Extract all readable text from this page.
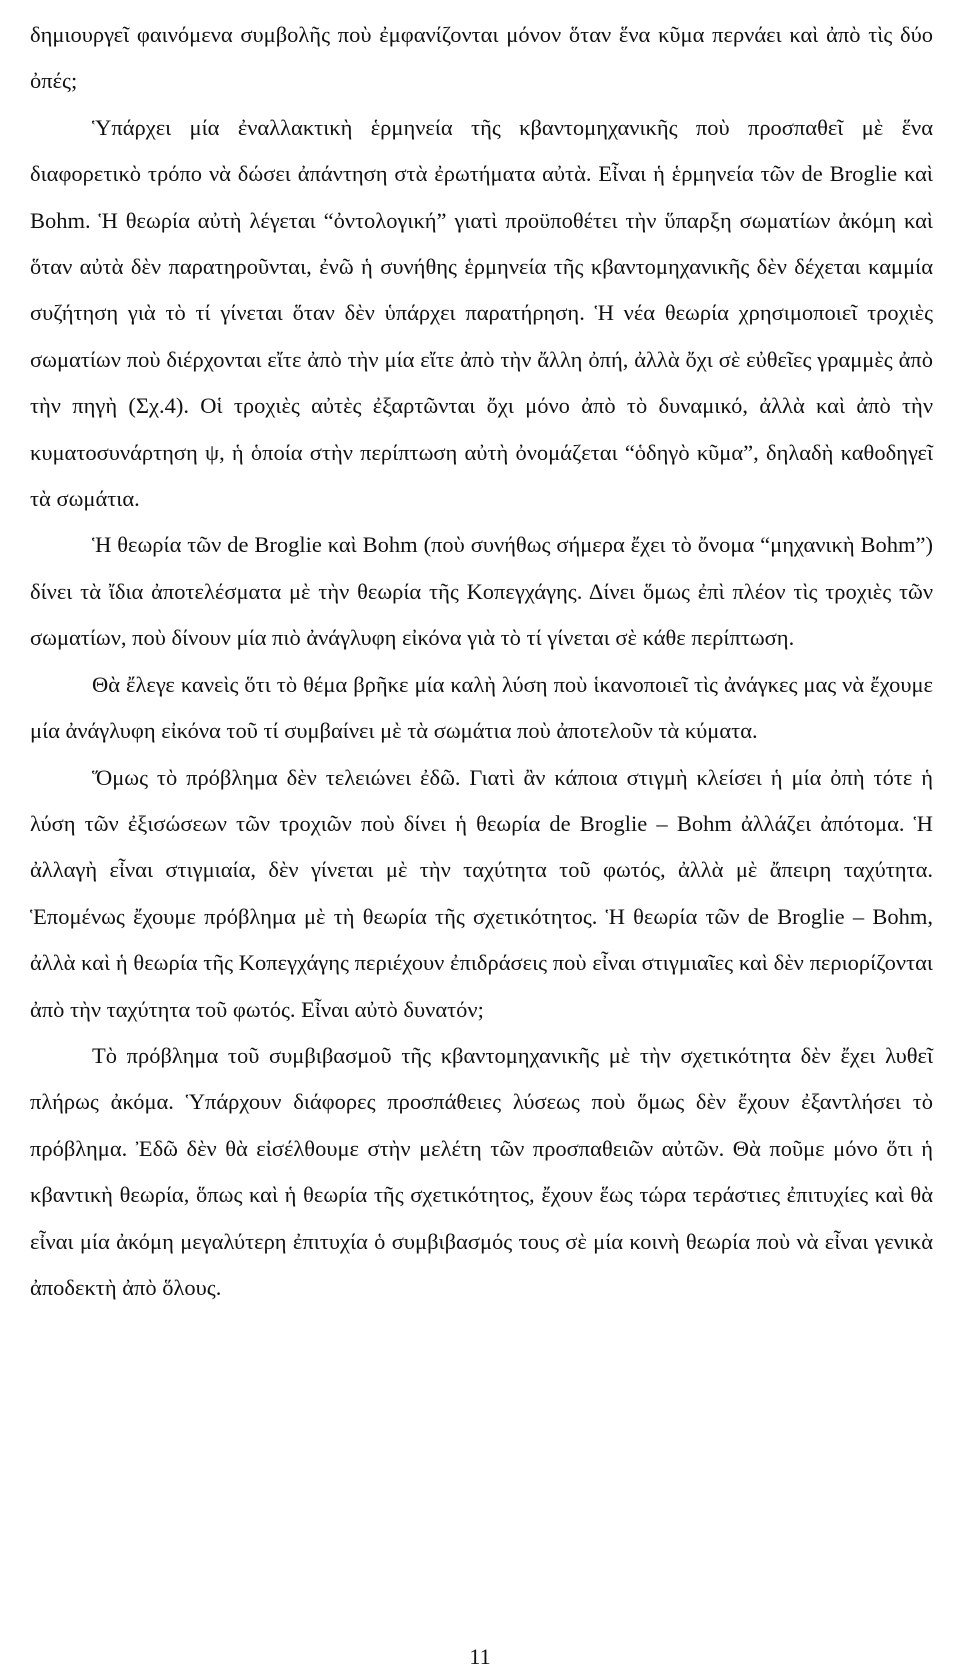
δημιουργεῖ φαινόμενα συμβολῆς ποὺ ἐμφανίζονται μόνον ὅταν ἕνα κῦμα περνάει καὶ ἀπὸ τὶς δύο ὀπές;

Ὑπάρχει μία ἐναλλακτικὴ ἑρμηνεία τῆς κβαντομηχανικῆς ποὺ προσπαθεῖ μὲ ἕνα διαφορετικὸ τρόπο νὰ δώσει ἀπάντηση στὰ ἐρωτήματα αὐτὰ. Εἶναι ἡ ἑρμηνεία τῶν de Broglie καὶ Bohm. Ἡ θεωρία αὐτὴ λέγεται “ὀντολογική” γιατὶ προϋποθέτει τὴν ὕπαρξη σωματίων ἀκόμη καὶ ὅταν αὐτὰ δὲν παρατηροῦνται, ἐνῶ ἡ συνήθης ἑρμηνεία τῆς κβαντομηχανικῆς δὲν δέχεται καμμία συζήτηση γιὰ τὸ τί γίνεται ὅταν δὲν ὑπάρχει παρατήρηση. Ἡ νέα θεωρία χρησιμοποιεῖ τροχιὲς σωματίων ποὺ διέρχονται εἴτε ἀπὸ τὴν μία εἴτε ἀπὸ τὴν ἄλλη ὀπή, ἀλλὰ ὄχι σὲ εὐθεῖες γραμμὲς ἀπὸ τὴν πηγὴ (Σχ.4). Οἱ τροχιὲς αὐτὲς ἐξαρτῶνται ὄχι μόνο ἀπὸ τὸ δυναμικό, ἀλλὰ καὶ ἀπὸ τὴν κυματοσυνάρτηση ψ, ἡ ὁποία στὴν περίπτωση αὐτὴ ὀνομάζεται “ὁδηγὸ κῦμα”, δηλαδὴ καθοδηγεῖ τὰ σωμάτια.

Ἡ θεωρία τῶν de Broglie καὶ Bohm (ποὺ συνήθως σήμερα ἔχει τὸ ὄνομα “μηχανικὴ Bohm”) δίνει τὰ ἴδια ἀποτελέσματα μὲ τὴν θεωρία τῆς Κοπεγχάγης. Δίνει ὅμως ἐπὶ πλέον τὶς τροχιὲς τῶν σωματίων, ποὺ δίνουν μία πιὸ ἀνάγλυφη εἰκόνα γιὰ τὸ τί γίνεται σὲ κάθε περίπτωση.

Θὰ ἔλεγε κανεὶς ὅτι τὸ θέμα βρῆκε μία καλὴ λύση ποὺ ἱκανοποιεῖ τὶς ἀνάγκες μας νὰ ἔχουμε μία ἀνάγλυφη εἰκόνα τοῦ τί συμβαίνει μὲ τὰ σωμάτια ποὺ ἀποτελοῦν τὰ κύματα.

Ὅμως τὸ πρόβλημα δὲν τελειώνει ἐδῶ. Γιατὶ ἂν κάποια στιγμὴ κλείσει ἡ μία ὀπὴ τότε ἡ λύση τῶν ἐξισώσεων τῶν τροχιῶν ποὺ δίνει ἡ θεωρία de Broglie – Bohm ἀλλάζει ἀπότομα. Ἡ ἀλλαγὴ εἶναι στιγμιαία, δὲν γίνεται μὲ τὴν ταχύτητα τοῦ φωτός, ἀλλὰ μὲ ἄπειρη ταχύτητα. Ἑπομένως ἔχουμε πρόβλημα μὲ τὴ θεωρία τῆς σχετικότητος. Ἡ θεωρία τῶν de Broglie – Bohm, ἀλλὰ καὶ ἡ θεωρία τῆς Κοπεγχάγης περιέχουν ἐπιδράσεις ποὺ εἶναι στιγμιαῖες καὶ δὲν περιορίζονται ἀπὸ τὴν ταχύτητα τοῦ φωτός. Εἶναι αὐτὸ δυνατόν;

Τὸ πρόβλημα τοῦ συμβιβασμοῦ τῆς κβαντομηχανικῆς μὲ τὴν σχετικότητα δὲν ἔχει λυθεῖ πλήρως ἀκόμα. Ὑπάρχουν διάφορες προσπάθειες λύσεως ποὺ ὅμως δὲν ἔχουν ἐξαντλήσει τὸ πρόβλημα. Ἐδῶ δὲν θὰ εἰσέλθουμε στὴν μελέτη τῶν προσπαθειῶν αὐτῶν. Θὰ ποῦμε μόνο ὅτι ἡ κβαντικὴ θεωρία, ὅπως καὶ ἡ θεωρία τῆς σχετικότητος, ἔχουν ἕως τώρα τεράστιες ἐπιτυχίες καὶ θὰ εἶναι μία ἀκόμη μεγαλύτερη ἐπιτυχία ὁ συμβιβασμός τους σὲ μία κοινὴ θεωρία ποὺ νὰ εἶναι γενικὰ ἀποδεκτὴ ἀπὸ ὅλους.

11
